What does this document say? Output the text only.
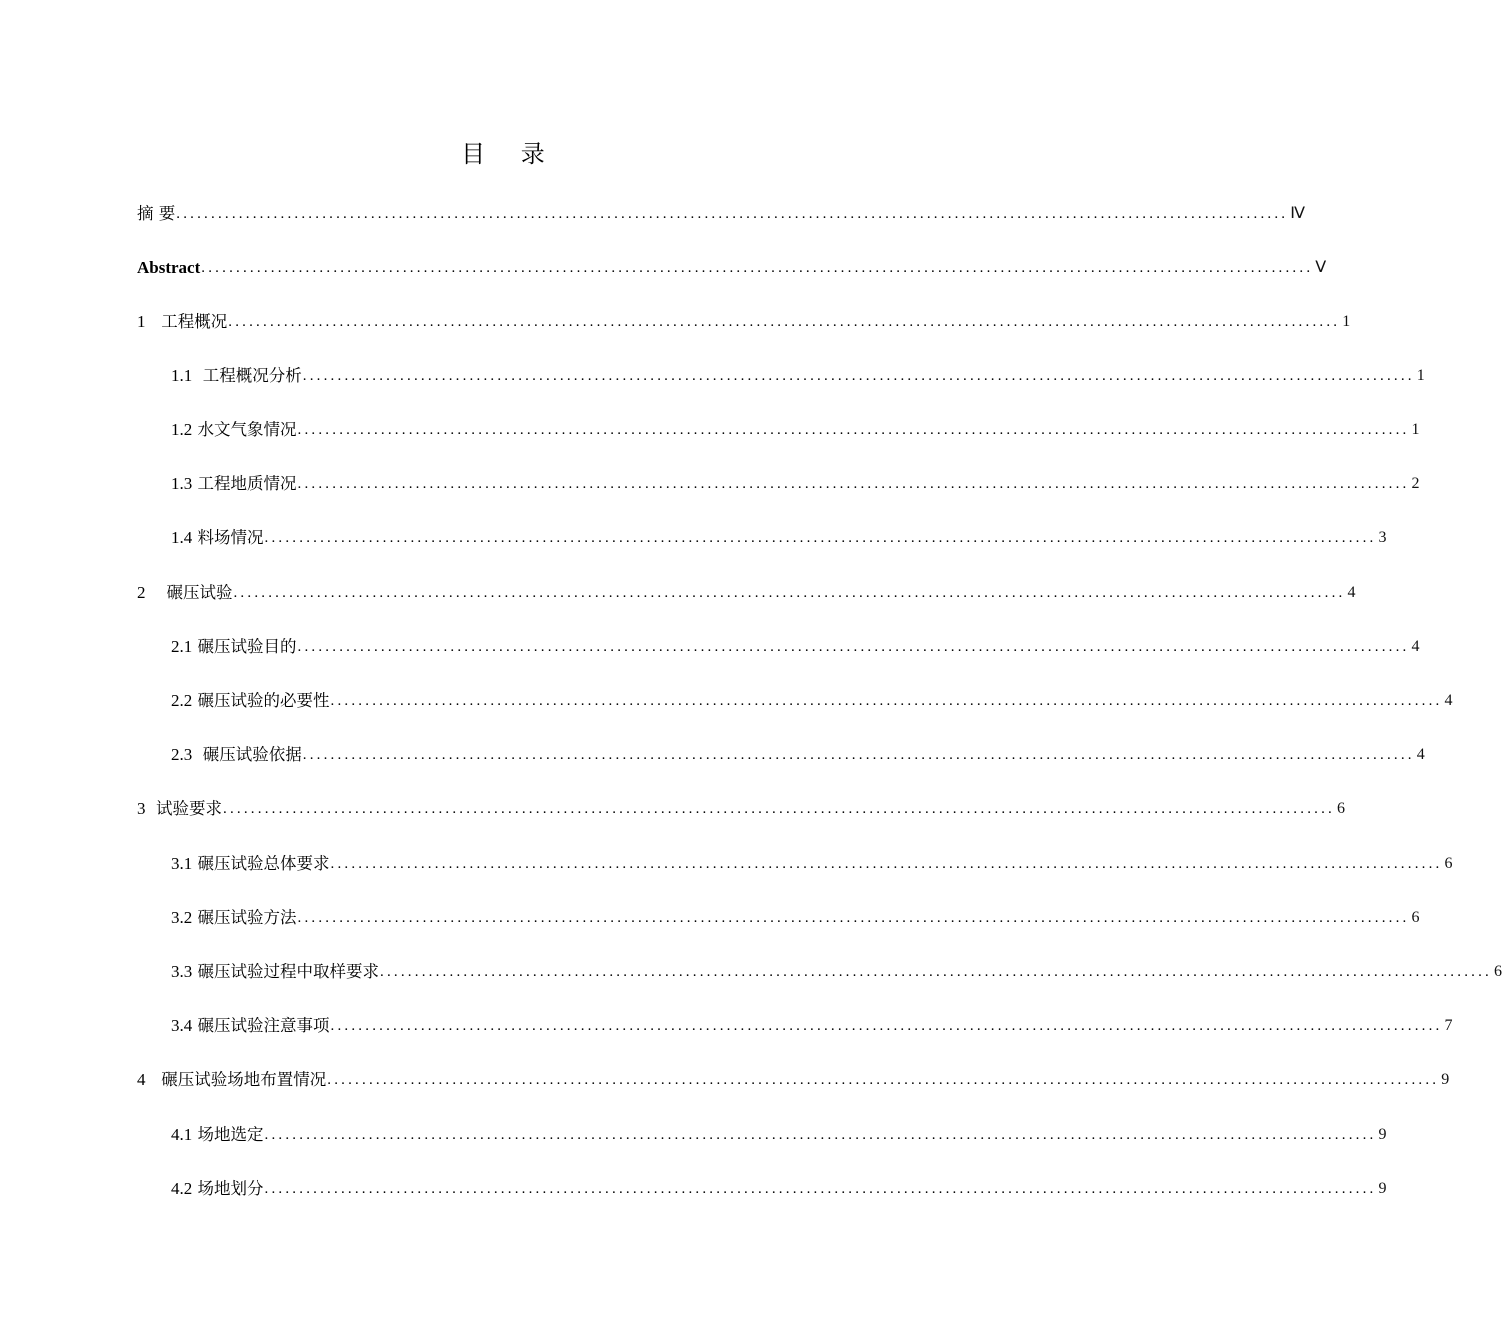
目 录
摘 要 ................................................................................................................................................................ Ⅳ
Abstract ................................................................................................................................................................ Ⅴ
1 工程概况 ................................................................................................................................................................ 1
1.1 工程概况分析 ................................................................................................................................................................ 1
1.2 水文气象情况 ................................................................................................................................................................ 1
1.3 工程地质情况 ................................................................................................................................................................ 2
1.4 料场情况 ................................................................................................................................................................ 3
2 碾压试验 ................................................................................................................................................................ 4
2.1 碾压试验目的 ................................................................................................................................................................ 4
2.2 碾压试验的必要性 ................................................................................................................................................................ 4
2.3 碾压试验依据 ................................................................................................................................................................ 4
3 试验要求 ................................................................................................................................................................ 6
3.1 碾压试验总体要求 ................................................................................................................................................................ 6
3.2 碾压试验方法 ................................................................................................................................................................ 6
3.3 碾压试验过程中取样要求 ................................................................................................................................................................ 6
3.4 碾压试验注意事项 ................................................................................................................................................................ 7
4 碾压试验场地布置情况 ................................................................................................................................................................ 9
4.1 场地选定 ................................................................................................................................................................ 9
4.2 场地划分 ................................................................................................................................................................ 9
